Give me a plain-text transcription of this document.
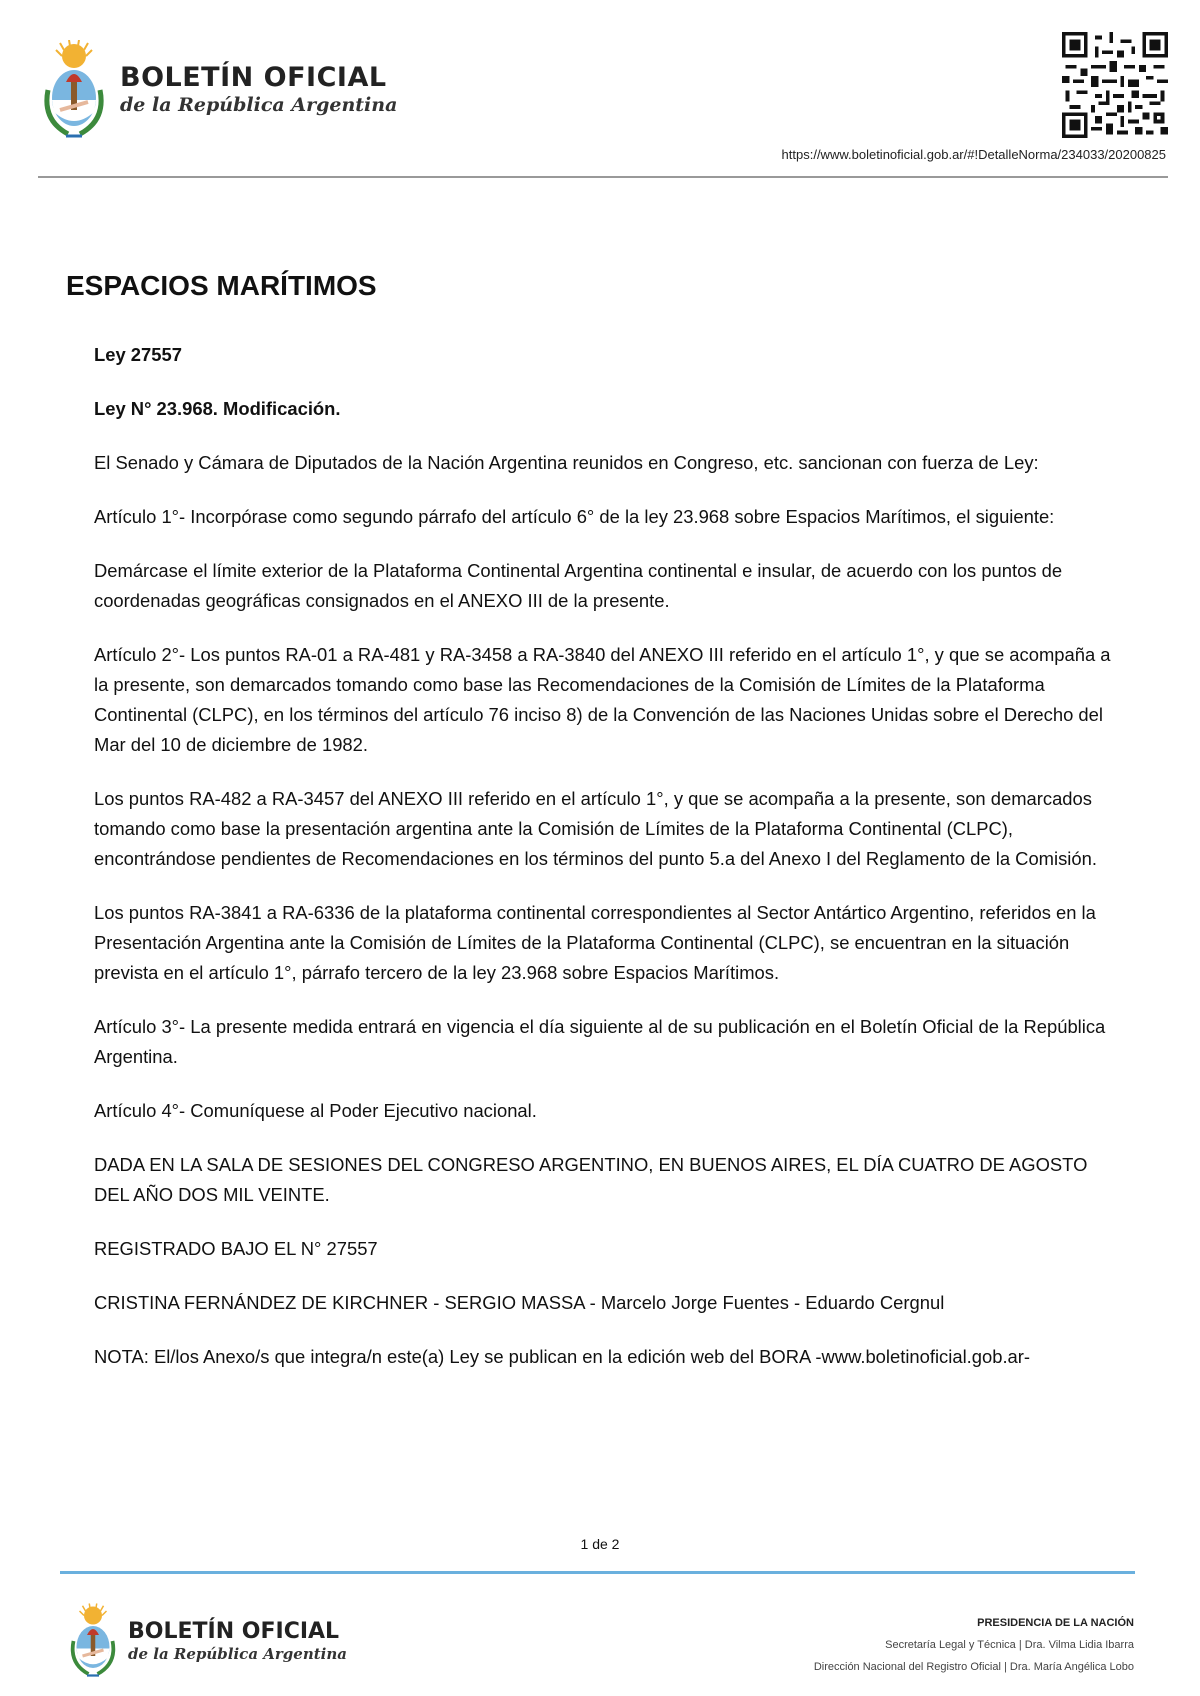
BOLETÍN OFICIAL
de la República Argentina
https://www.boletinoficial.gob.ar/#!DetalleNorma/234033/20200825
ESPACIOS MARÍTIMOS

Ley 27557

Ley N° 23.968. Modificación.

El Senado y Cámara de Diputados de la Nación Argentina reunidos en Congreso, etc. sancionan con fuerza de Ley:

Artículo 1°- Incorpórase como segundo párrafo del artículo 6° de la ley 23.968 sobre Espacios Marítimos, el siguiente:

Demárcase el límite exterior de la Plataforma Continental Argentina continental e insular, de acuerdo con los puntos de coordenadas geográficas consignados en el ANEXO III de la presente.

Artículo 2°- Los puntos RA-01 a RA-481 y RA-3458 a RA-3840 del ANEXO III referido en el artículo 1°, y que se acompaña a la presente, son demarcados tomando como base las Recomendaciones de la Comisión de Límites de la Plataforma Continental (CLPC), en los términos del artículo 76 inciso 8) de la Convención de las Naciones Unidas sobre el Derecho del Mar del 10 de diciembre de 1982.

Los puntos RA-482 a RA-3457 del ANEXO III referido en el artículo 1°, y que se acompaña a la presente, son demarcados tomando como base la presentación argentina ante la Comisión de Límites de la Plataforma Continental (CLPC), encontrándose pendientes de Recomendaciones en los términos del punto 5.a del Anexo I del Reglamento de la Comisión.

Los puntos RA-3841 a RA-6336 de la plataforma continental correspondientes al Sector Antártico Argentino, referidos en la Presentación Argentina ante la Comisión de Límites de la Plataforma Continental (CLPC), se encuentran en la situación prevista en el artículo 1°, párrafo tercero de la ley 23.968 sobre Espacios Marítimos.

Artículo 3°- La presente medida entrará en vigencia el día siguiente al de su publicación en el Boletín Oficial de la República Argentina.

Artículo 4°- Comuníquese al Poder Ejecutivo nacional.

DADA EN LA SALA DE SESIONES DEL CONGRESO ARGENTINO, EN BUENOS AIRES, EL DÍA CUATRO DE AGOSTO DEL AÑO DOS MIL VEINTE.

REGISTRADO BAJO EL N° 27557

CRISTINA FERNÁNDEZ DE KIRCHNER - SERGIO MASSA - Marcelo Jorge Fuentes - Eduardo Cergnul

NOTA: El/los Anexo/s que integra/n este(a) Ley se publican en la edición web del BORA -www.boletinoficial.gob.ar-

1 de 2
BOLETÍN OFICIAL
de la República Argentina
PRESIDENCIA DE LA NACIÓN
Secretaría Legal y Técnica | Dra. Vilma Lidia Ibarra
Dirección Nacional del Registro Oficial | Dra. María Angélica Lobo
